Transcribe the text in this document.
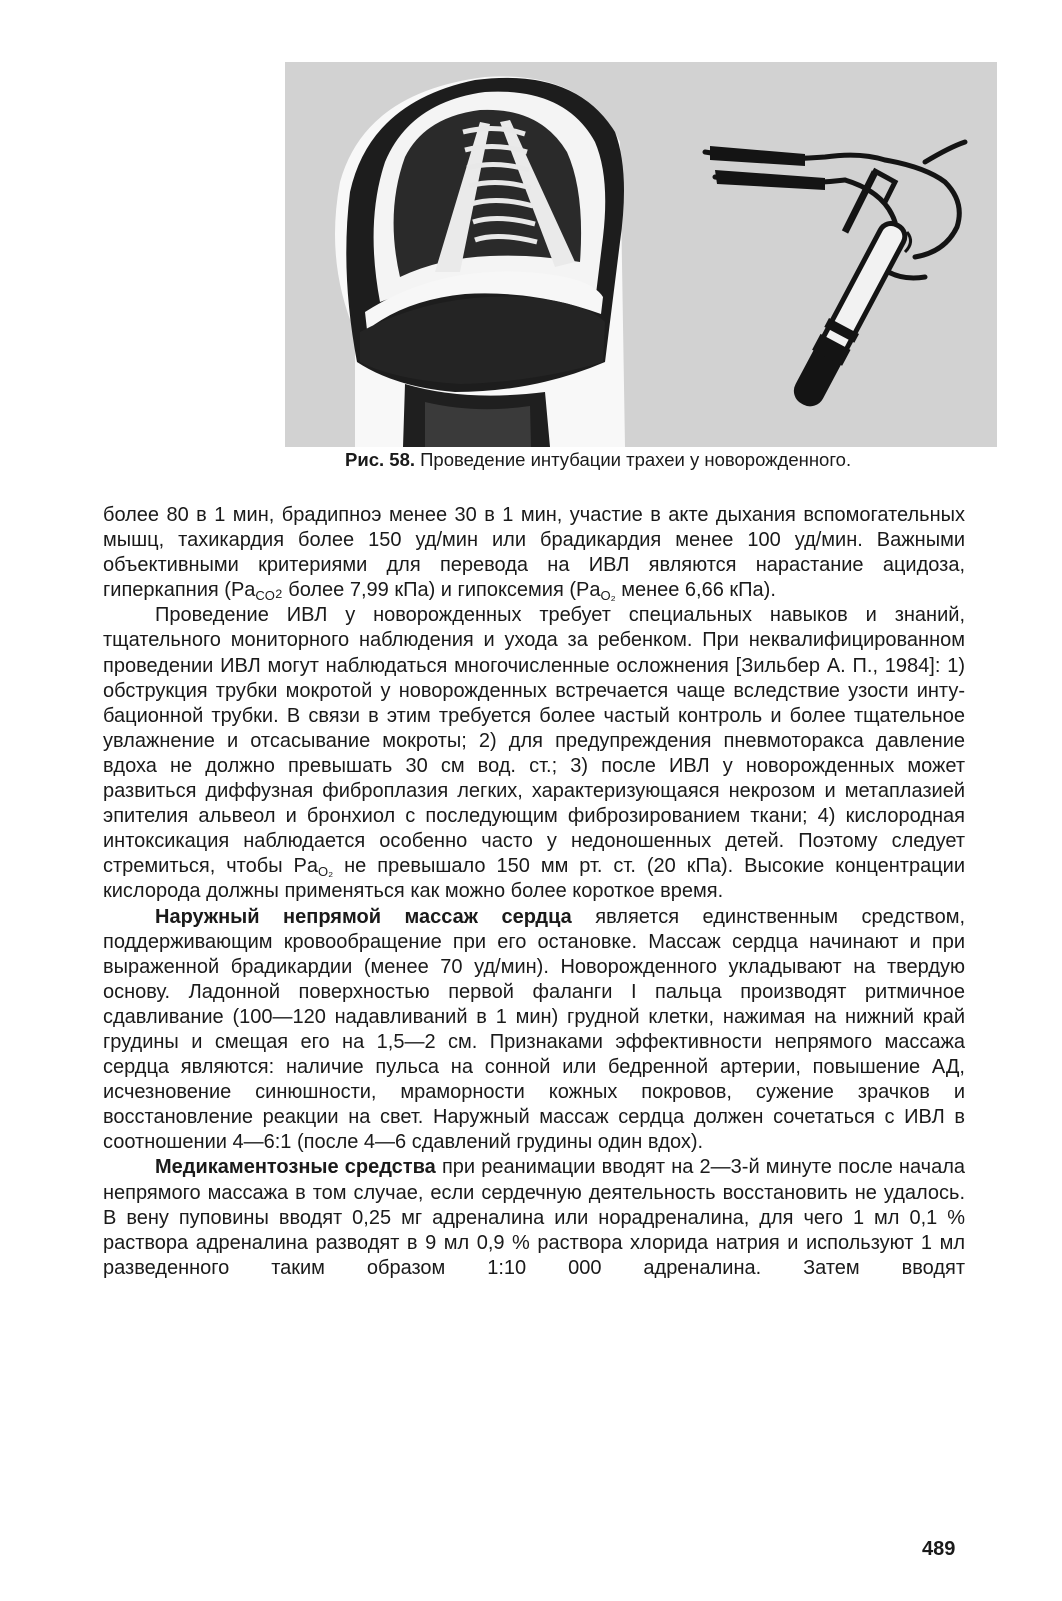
Рис. 58. Проведение интубации трахеи у новорожденного.

более 80 в 1 мин, брадипноэ менее 30 в 1 мин, участие в акте дыхания вспомогательных мышц, тахикардия более 150 уд/мин или брадикардия менее 100 уд/мин. Важными объективными критериями для перевода на ИВЛ являются нарастание ацидоза, гиперкапния ($Pa_{CO}_2$ более 7,99 кПа) и гипоксемия ($Pa_{O_2}$ менее 6,66 кПа).

Проведение ИВЛ у новорожденных требует специальных навыков и знаний, тщательного мониторного наблюдения и ухода за ребенком. При неквалифицированном проведении ИВЛ могут наблюдаться многочисленные осложнения [Зильбер А. П., 1984]: 1) обструкция трубки мокротой у новорожденных встречается чаще вследствие узости интубационной трубки. В связи в этим требуется более частый контроль и более тщательное увлажнение и отсасывание мокроты; 2) для предупреждения пневмоторакса давление вдоха не должно превышать 30 см вод. ст.; 3) после ИВЛ у новорожденных может развиться диффузная фиброплазия легких, характеризующаяся некрозом и метаплазией эпителия альвеол и бронхиол с последующим фиброзированием ткани; 4) кислородная интоксикация наблюдается особенно часто у недоношенных детей. Поэтому следует стремиться, чтобы $Pa_{O_2}$ не превышало 150 мм рт. ст. (20 кПа). Высокие концентрации кислорода должны применяться как можно более короткое время.

Наружный непрямой массаж сердца является единственным средством, поддерживающим кровообращение при его остановке. Массаж сердца начинают и при выраженной брадикардии (менее 70 уд/мин). Новорожденного укладывают на твердую основу. Ладонной поверхностью первой фаланги I пальца производят ритмичное сдавливание (100—120 надавливаний в 1 мин) грудной клетки, нажимая на нижний край грудины и смещая его на 1,5—2 см. Признаками эффективности непрямого массажа сердца являются: наличие пульса на сонной или бедренной артерии, повышение АД, исчезновение синюшности, мраморности кожных покровов, сужение зрачков и восстановление реакции на свет. Наружный массаж сердца должен сочетаться с ИВЛ в соотношении 4—6:1 (после 4—6 сдавлений грудины один вдох).

Медикаментозные средства при реанимации вводят на 2—3-й минуте после начала непрямого массажа в том случае, если сердечную деятельность восстановить не удалось. В вену пуповины вводят 0,25 мг адреналина или норадреналина, для чего 1 мл 0,1 % раствора адреналина разводят в 9 мл 0,9 % раствора хлорида натрия и используют 1 мл разведенного таким образом 1:10 000 адреналина. Затем вводят

489
